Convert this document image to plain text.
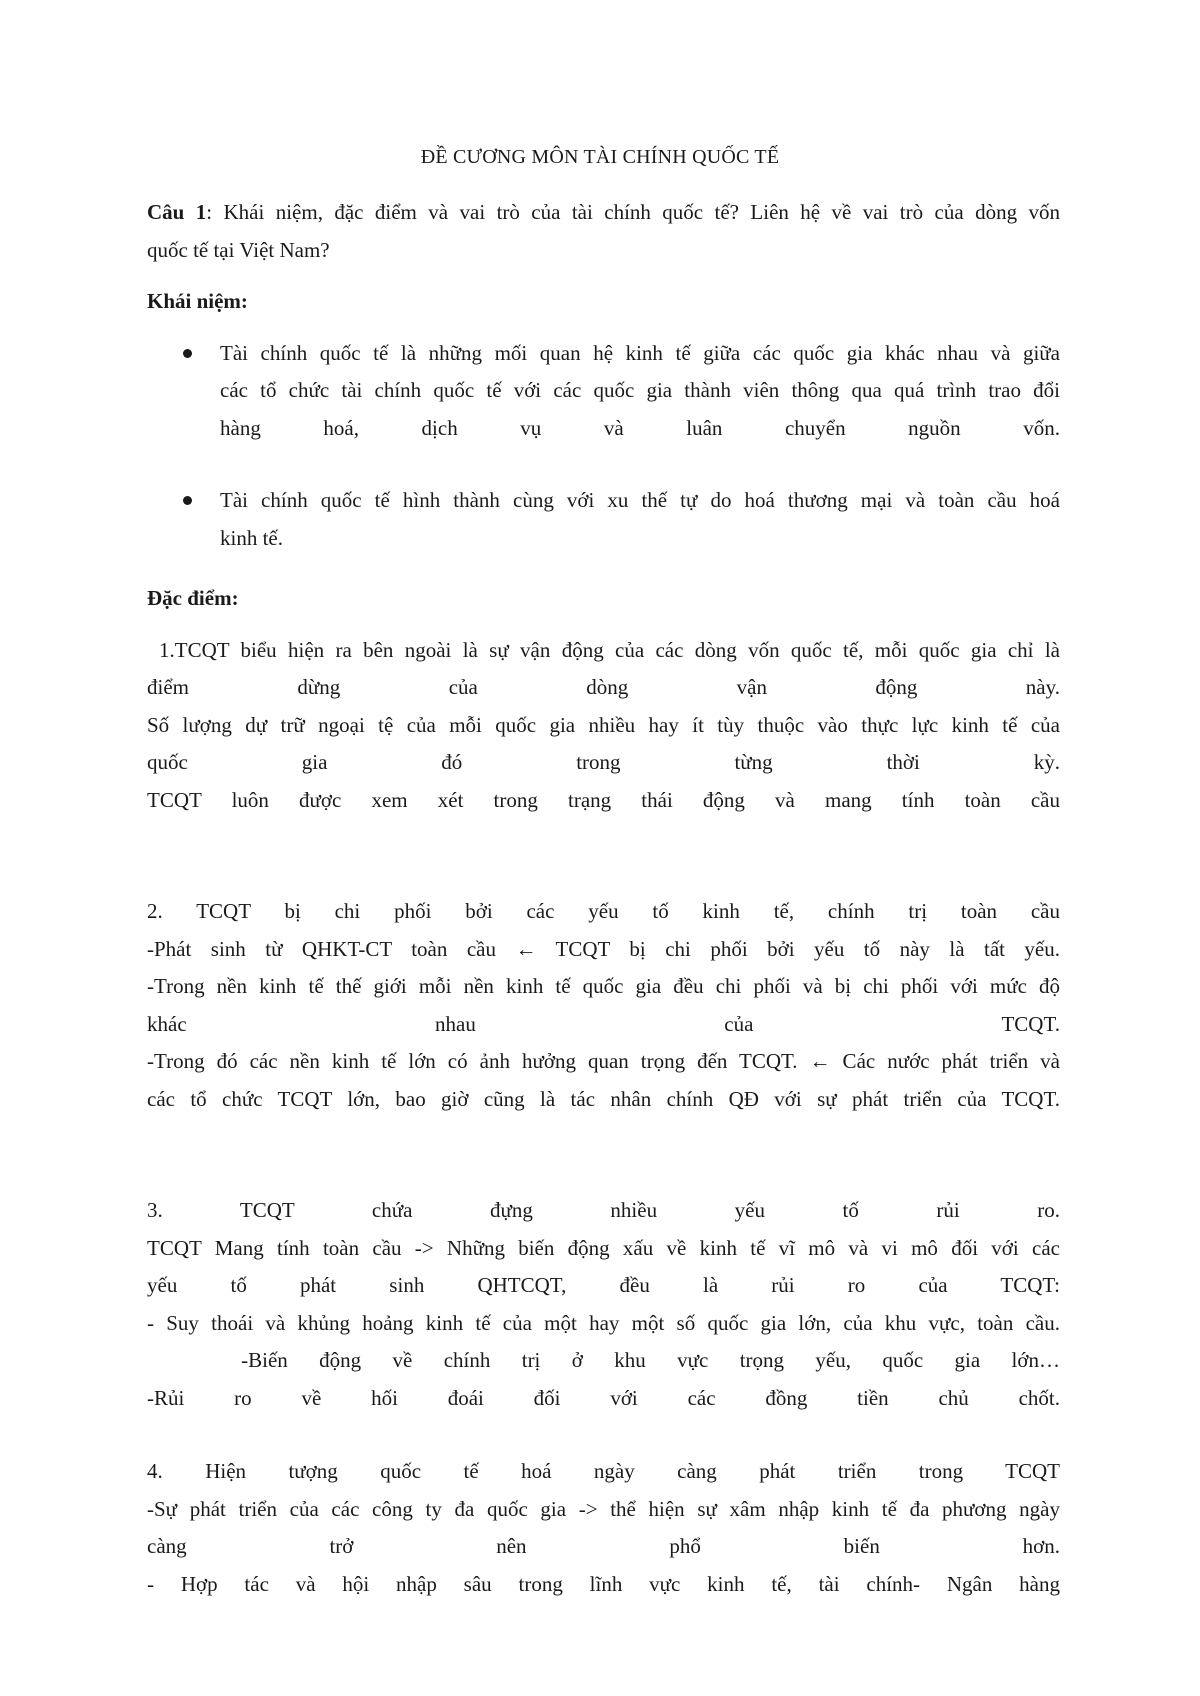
ĐỀ CƯƠNG MÔN TÀI CHÍNH QUỐC TẾ

Câu 1: Khái niệm, đặc điểm và vai trò của tài chính quốc tế? Liên hệ về vai trò của dòng vốn
quốc tế tại Việt Nam?

Khái niệm:

Tài chính quốc tế là những mối quan hệ kinh tế giữa các quốc gia khác nhau và giữa
các tổ chức tài chính quốc tế với các quốc gia thành viên thông qua quá trình trao đổi
hàng hoá, dịch vụ và luân chuyển nguồn vốn.
Tài chính quốc tế hình thành cùng với xu thế tự do hoá thương mại và toàn cầu hoá
kinh tế.

Đặc điểm:

1.TCQT biểu hiện ra bên ngoài là sự vận động của các dòng vốn quốc tế, mỗi quốc gia chỉ là
điểm dừng của dòng vận động này.
Số lượng dự trữ ngoại tệ của mỗi quốc gia nhiều hay ít tùy thuộc vào thực lực kinh tế của
quốc gia đó trong từng thời kỳ.
TCQT luôn được xem xét trong trạng thái động và mang tính toàn cầu
2. TCQT bị chi phối bởi các yếu tố kinh tế, chính trị toàn cầu
-Phát sinh từ QHKT-CT toàn cầu ← TCQT bị chi phối bởi yếu tố này là tất yếu.
-Trong nền kinh tế thế giới mỗi nền kinh tế quốc gia đều chi phối và bị chi phối với mức độ
khác nhau của TCQT.
-Trong đó các nền kinh tế lớn có ảnh hưởng quan trọng đến TCQT. ← Các nước phát triển và
các tổ chức TCQT lớn, bao giờ cũng là tác nhân chính QĐ với sự phát triển của TCQT.
3. TCQT chứa đựng nhiều yếu tố rủi ro.
TCQT Mang tính toàn cầu -> Những biến động xấu về kinh tế vĩ mô và vi mô đối với các
yếu tố phát sinh QHTCQT, đều là rủi ro của TCQT:
- Suy thoái và khủng hoảng kinh tế của một hay một số quốc gia lớn, của khu vực, toàn cầu.
-Biến động về chính trị ở khu vực trọng yếu, quốc gia lớn…
-Rủi ro về hối đoái đối với các đồng tiền chủ chốt.
4. Hiện tượng quốc tế hoá ngày càng phát triển trong TCQT
-Sự phát triển của các công ty đa quốc gia -> thể hiện sự xâm nhập kinh tế đa phương ngày
càng trở nên phổ biến hơn.
- Hợp tác và hội nhập sâu trong lĩnh vực kinh tế, tài chính- Ngân hàng
